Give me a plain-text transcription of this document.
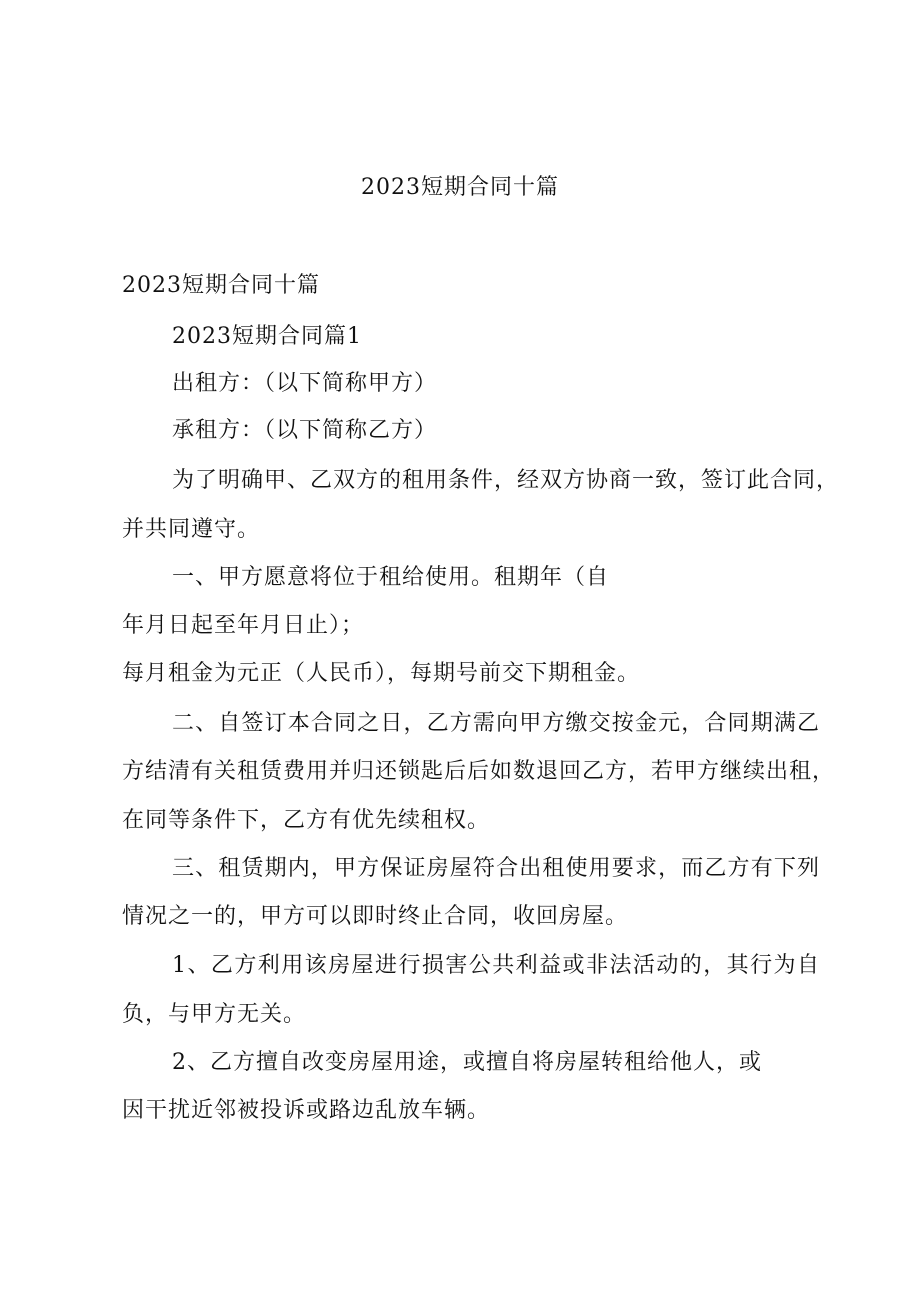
2023短期合同十篇
2023短期合同十篇
2023短期合同篇1
出租方：（以下简称甲方）
承租方：（以下简称乙方）
为了明确甲、乙双方的租用条件，经双方协商一致，签订此合同，
并共同遵守。
一、甲方愿意将位于租给使用。租期年（自
年月日起至年月日止）；
每月租金为元正（人民币），每期号前交下期租金。
二、自签订本合同之日，乙方需向甲方缴交按金元，合同期满乙
方结清有关租赁费用并归还锁匙后后如数退回乙方，若甲方继续出租，
在同等条件下，乙方有优先续租权。
三、租赁期内，甲方保证房屋符合出租使用要求，而乙方有下列
情况之一的，甲方可以即时终止合同，收回房屋。
1、乙方利用该房屋进行损害公共利益或非法活动的，其行为自
负，与甲方无关。
2、乙方擅自改变房屋用途，或擅自将房屋转租给他人，或
因干扰近邻被投诉或路边乱放车辆。
